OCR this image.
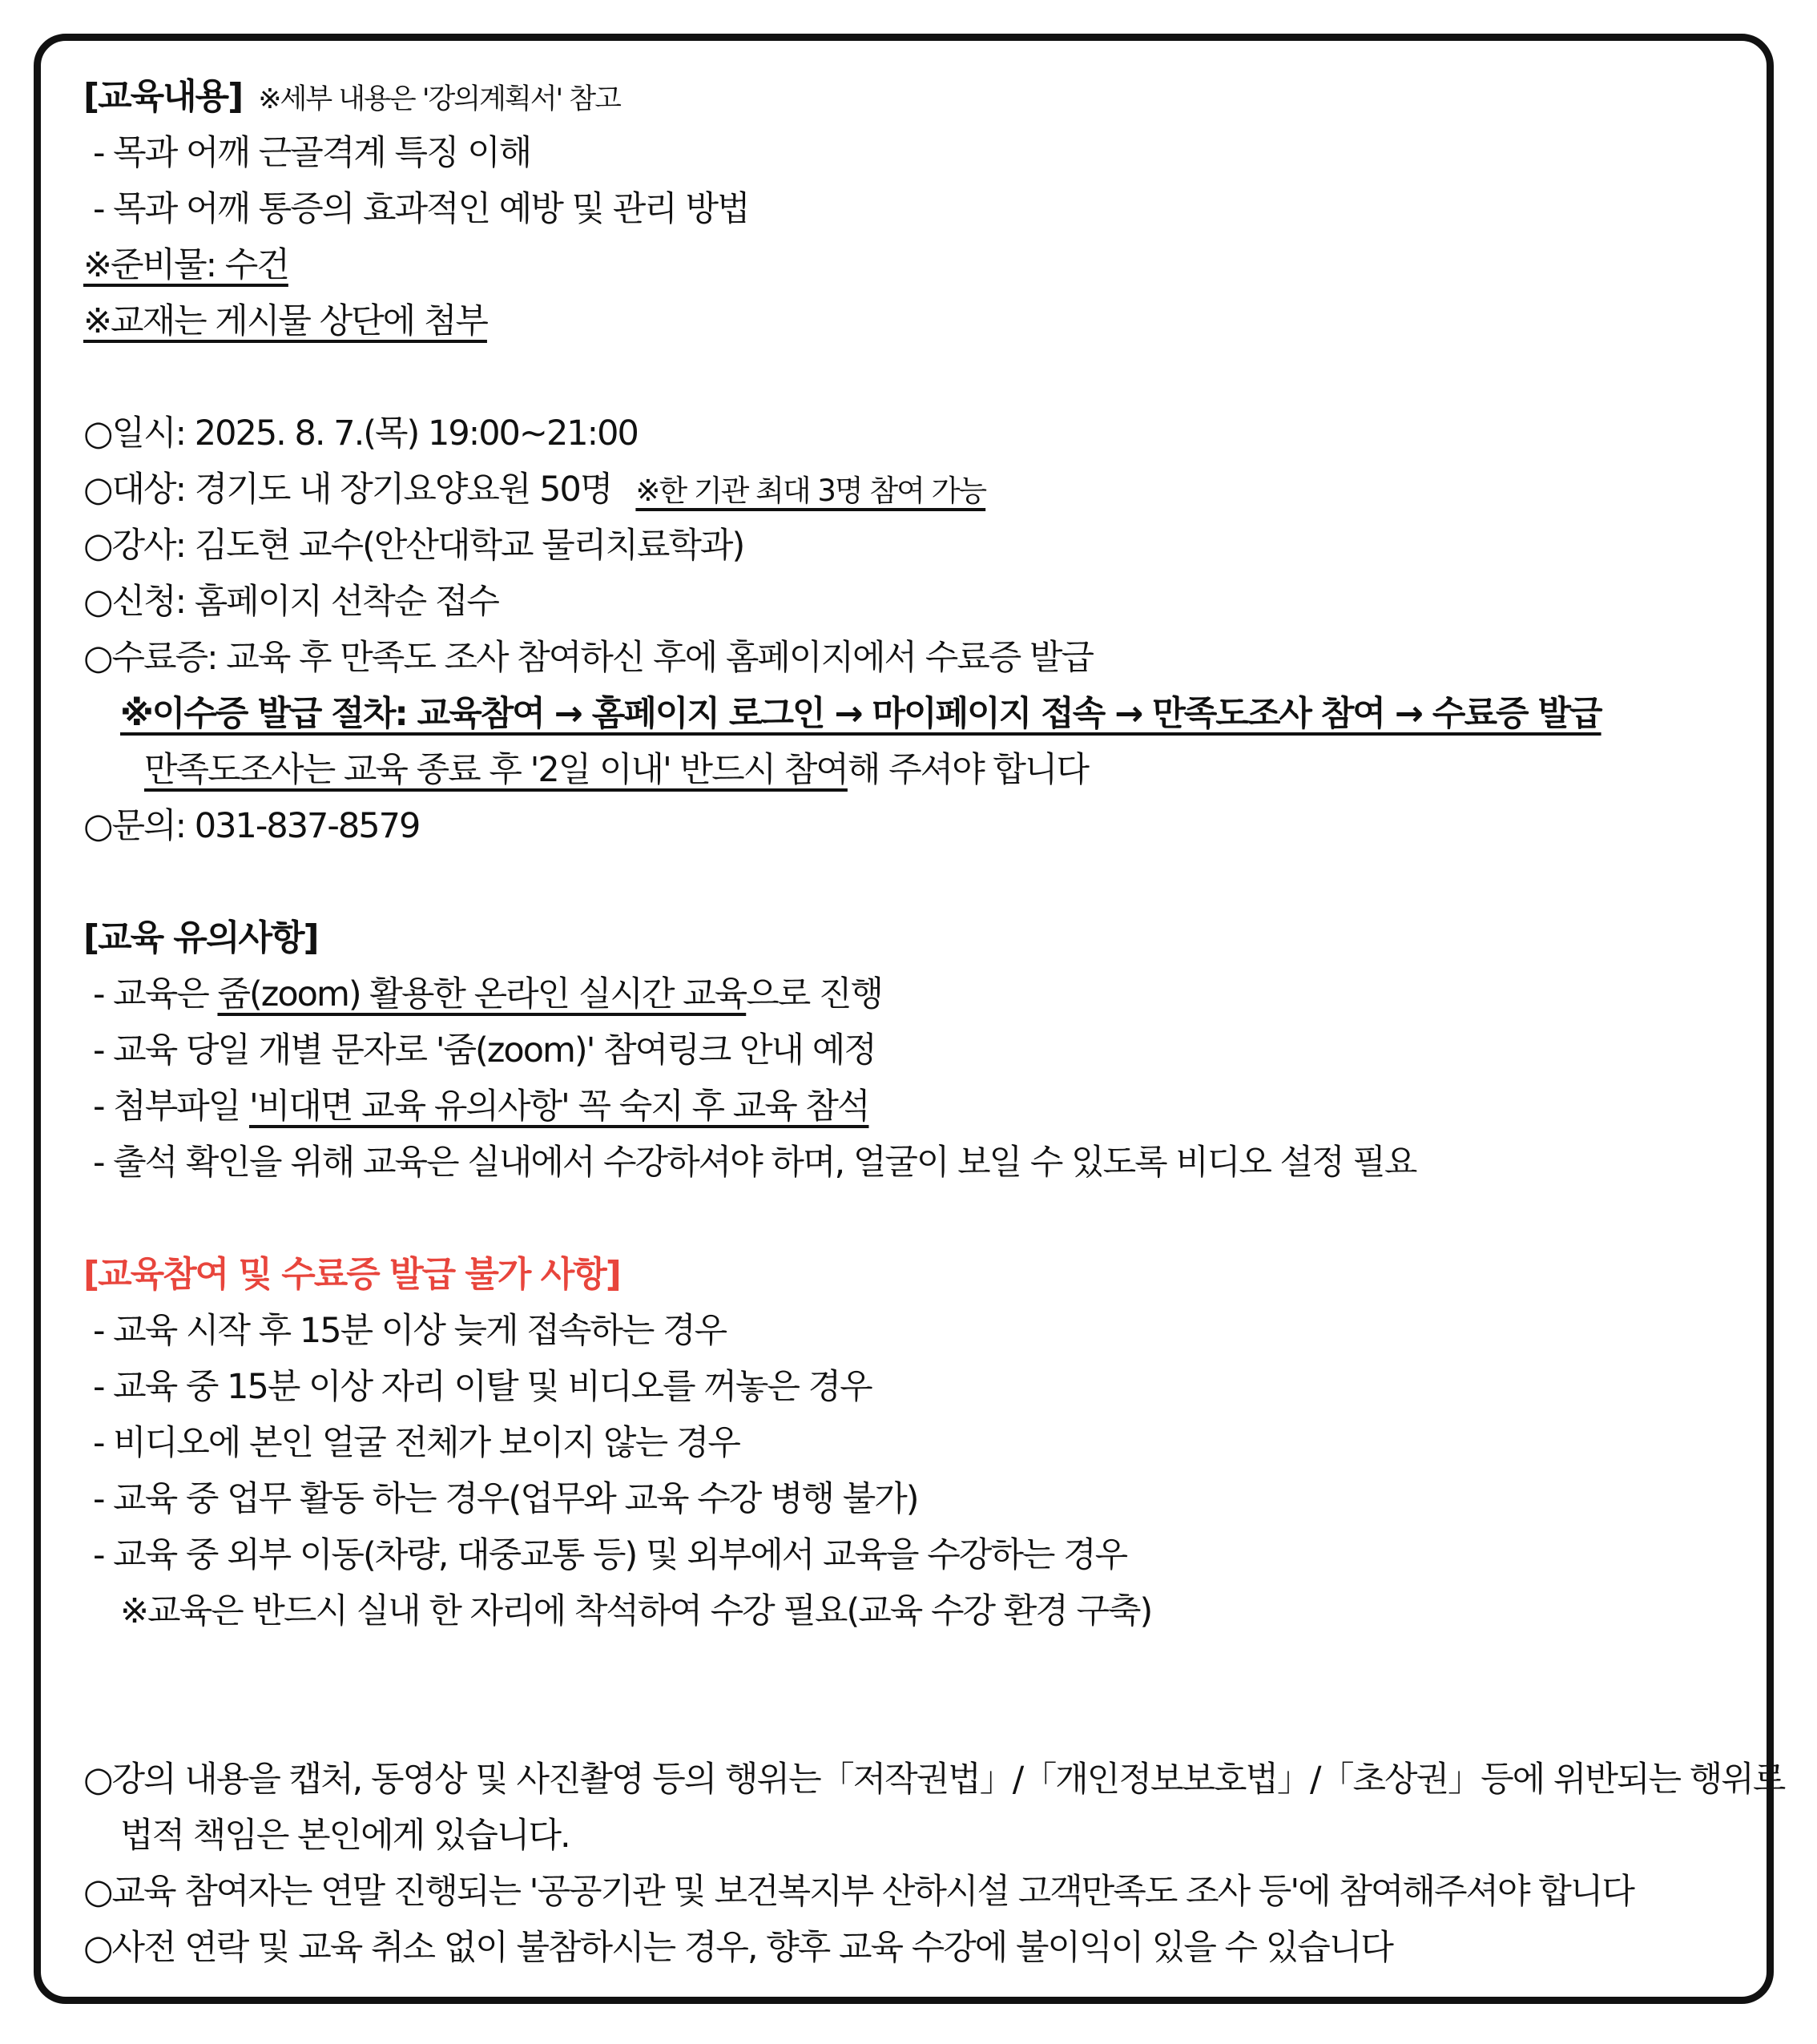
[교육내용] ※세부 내용은 '강의계획서' 참고
- 목과 어깨 근골격계 특징 이해
- 목과 어깨 통증의 효과적인 예방 및 관리 방법
※준비물: 수건
※교재는 게시물 상단에 첨부
○일시: 2025. 8. 7.(목) 19:00~21:00
○대상: 경기도 내 장기요양요원 50명 ※한 기관 최대 3명 참여 가능
○강사: 김도현 교수(안산대학교 물리치료학과)
○신청: 홈페이지 선착순 접수
○수료증: 교육 후 만족도 조사 참여하신 후에 홈페이지에서 수료증 발급
※이수증 발급 절차: 교육참여 → 홈페이지 로그인 → 마이페이지 접속 → 만족도조사 참여 → 수료증 발급
만족도조사는 교육 종료 후 '2일 이내' 반드시 참여해 주셔야 합니다
○문의: 031-837-8579
[교육 유의사항]
- 교육은 줌(zoom) 활용한 온라인 실시간 교육으로 진행
- 교육 당일 개별 문자로 '줌(zoom)' 참여링크 안내 예정
- 첨부파일 '비대면 교육 유의사항' 꼭 숙지 후 교육 참석
- 출석 확인을 위해 교육은 실내에서 수강하셔야 하며, 얼굴이 보일 수 있도록 비디오 설정 필요
[교육참여 및 수료증 발급 불가 사항]
- 교육 시작 후 15분 이상 늦게 접속하는 경우
- 교육 중 15분 이상 자리 이탈 및 비디오를 꺼놓은 경우
- 비디오에 본인 얼굴 전체가 보이지 않는 경우
- 교육 중 업무 활동 하는 경우(업무와 교육 수강 병행 불가)
- 교육 중 외부 이동(차량, 대중교통 등) 및 외부에서 교육을 수강하는 경우
※교육은 반드시 실내 한 자리에 착석하여 수강 필요(교육 수강 환경 구축)
○강의 내용을 캡처, 동영상 및 사진촬영 등의 행위는「저작권법」/「개인정보보호법」/「초상권」등에 위반되는 행위로
법적 책임은 본인에게 있습니다.
○교육 참여자는 연말 진행되는 '공공기관 및 보건복지부 산하시설 고객만족도 조사 등'에 참여해주셔야 합니다
○사전 연락 및 교육 취소 없이 불참하시는 경우, 향후 교육 수강에 불이익이 있을 수 있습니다
